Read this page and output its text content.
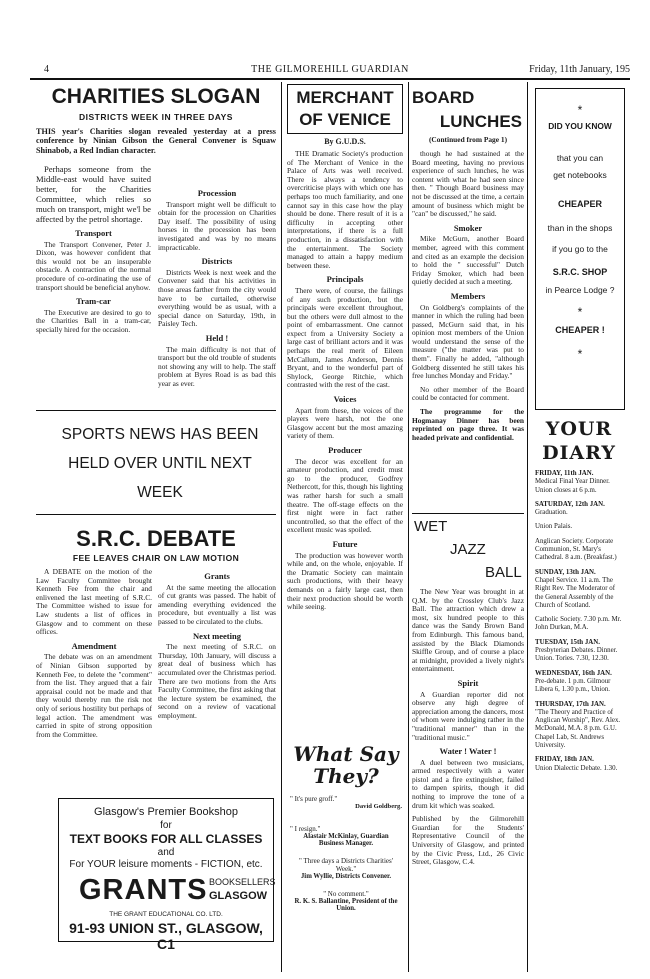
4	THE GILMOREHILL GUARDIAN	Friday, 11th January, 195
CHARITIES SLOGAN
DISTRICTS WEEK IN THREE DAYS
THIS year's Charities slogan revealed yesterday at a press conference by Ninian Gibson the General Convener is Squaw Shinabob, a Red Indian character.

Perhaps someone from the Middle-east would have suited better, for the Charities Committee, which relies so much on transport, might we'l be affected by the petrol shortage.

Transport

The Transport Convener, Peter J. Dixon, was however confident that this would not be an insuperable obstacle. A contraction of the normal procedure of co-ordinating the use of transport should be beneficial anyhow.

Tram-car

The Executive are desired to go to the Charities Ball in a tram-car, specially hired for the occasion.

Procession

Transport might well be difficult to obtain for the procession on Charities Day itself. The possibility of using horses in the procession has been investigated and was by no means impracticable.

Districts

Districts Week is next week and the Convener said that his activities in those areas farther from the city would have to be curtailed, otherwise everything would be as usual, with a special dance on Saturday, 19th, in Paisley Tech.

Held !

The main difficulty is not that of transport but the old trouble of students not showing any will to help. The staff problem at Byres Road is as bad this year as ever.

SPORTS NEWS HAS BEEN HELD OVER UNTIL NEXT WEEK
S.R.C. DEBATE
FEE LEAVES CHAIR ON LAW MOTION

A DEBATE on the motion of the Law Faculty Committee brought Kenneth Fee from the chair and enlivened the last meeting of S.R.C. The Committee wished to issue for Law students a list of offices in Glasgow and to comment on these offices.

Amendment

The debate was on an amendment of Ninian Gibson supported by Kenneth Fee, to delete the "comment" from the list. They argued that a fair appraisal could not be made and that they would thereby run the risk not only of serious hostility but perhaps of legal action. The amendment was carried in spite of strong opposition from the Committee.

Grants

At the same meeting the allocation of cut grants was passed. The habit of amending everything evidenced the procedure, but eventually a list was passed to be circulated to the clubs.

Next meeting

The next meeting of S.R.C. on Thursday, 10th January, will discuss a great deal of business which has accumulated over the Christmas period. There are two motions from the Arts Faculty Committee, the first asking that the lecture system be examined, the second on a review of vacational employment.

Glasgow's Premier Bookshop
for
TEXT BOOKS FOR ALL CLASSES
and
For YOUR leisure moments - FICTION, etc.
GRANTS BOOKSELLERS
GLASGOW
THE GRANT EDUCATIONAL CO. LTD.
91-93 UNION ST., GLASGOW, C1
MERCHANT
OF VENICE
By G.U.D.S.

THE Dramatic Society's production of The Merchant of Venice in the Palace of Arts was well received. There is always a tendency to overcriticise plays with which one has perhaps too much familiarity, and one cannot say in this case how the play should be done. There result of it is a difficulty in accepting other interpretations, if there is a full production, in a dissatisfaction with the entertainment. The Society managed to attain a happy medium between these.

Principals

There were, of course, the failings of any such production, but the principals were excellent throughout, but the others were dull almost to the point of embarrassment. One cannot expect from a University Society a large cast of brilliant actors and it was perhaps the real merit of Eileen McCallum, James Anderson, Dennis Bryant, and to the wonderful part of Shylock, George Ritchie, which contrasted with the rest of the cast.

Voices

Apart from these, the voices of the players were harsh, not the one Glasgow accent but the most amazing variety of them.

Producer

The decor was excellent for an amateur production, and credit must go to the producer, Godfrey Nethercott, for this, though his lighting was rather harsh for such a small theatre. The off-stage effects on the first night were in fact rather uncontrolled, so that the effect of the excellent music was spoiled.

Future

The production was however worth while and, on the whole, enjoyable. If the Dramatic Society can maintain such productions, with their heavy demands on a fairly large cast, then their next production should be worth while seeing.

What Say They?
" It's pure groff."
David Goldberg.
" I resign."
Alastair McKinlay, Guardian Business Manager.
" Three days a Districts Charities' Week."
Jim Wyllie, Districts Convener.
" No comment."
R. K. S. Ballantine, President of the Union.
BOARD
LUNCHES
(Continued from Page 1)

though he had sustained at the Board meeting, having no previous experience of such lunches, he was content with what he had seen since then. " Though Board business may not be discussed at the time, a certain amount of business which might be "can" be discussed," he said.

Smoker

Mike McGurn, another Board member, agreed with this comment and cited as an example the decision to hold the " successful" Dutch Friday Smoker, which had been quietly decided at such a meeting.

Members

On Goldberg's complaints of the manner in which the ruling had been passed, McGurn said that, in his opinion most members of the Union would understand the sense of the measure ("the matter was put to them". Finally he added, "although Goldberg dissented he still takes his free lunches Monday and Friday."

No other member of the Board could be contacted for comment.

The programme for the Hogmanay Dinner has been reprinted on page three. It was headed private and confidential.

WET
JAZZ
BALL

The New Year was brought in at Q.M. by the Crossley Club's Jazz Ball. The attraction which drew a most, six hundred people to this dance was the Sandy Brown Band from Edinburgh. This famous band, assisted by the Black Diamonds Skiffle Group, and of course a place at midnight, provided a lively night's entertainment.

Spirit

A Guardian reporter did not observe any high degree of appreciation among the dancers, most of whom were indulging rather in the "traditional manner" than in the "traditional music."

Water ! Water !

A duel between two musicians, armed respectively with a water pistol and a fire extinguisher, failed to dampen spirits, though it did nothing to improve the tone of a drum kit which was soaked.

Published by the Gilmorehill Guardian for the Students' Representative Council of the University of Glasgow, and printed by the Civic Press, Ltd., 26 Civic Street, Glasgow, C.4.

*
DID YOU KNOW
that you can
get notebooks
CHEAPER
than in the shops
if you go to the
S.R.C. SHOP
in Pearce Lodge ?
*
CHEAPER !
*
YOUR
DIARY
FRIDAY, 11th JAN.
Medical Final Year Dinner. Union closes at 6 p.m.
SATURDAY, 12th JAN.
Graduation.
Union Palais.
Anglican Society. Corporate Communion, St. Mary's Cathedral. 8 a.m. (Breakfast.)
SUNDAY, 13th JAN.
Chapel Service. 11 a.m. The Right Rev. The Moderator of the General Assembly of the Church of Scotland.
Catholic Society. 7.30 p.m. Mr. John Durkan, M.A.
TUESDAY, 15th JAN.
Presbyterian Debates. Dinner. Union. Tories. 7.30, 12.30.
WEDNESDAY, 16th JAN.
Pre-debate. 1 p.m. Gilmour Libera 6, 1.30 p.m., Union.
THURSDAY, 17th JAN.
"The Theory and Practice of Anglican Worship", Rev. Alex. McDonald, M.A. 8 p.m. G.U. Chapel Lab, St. Andrews University.
FRIDAY, 18th JAN.
Union Dialectic Debate. 1.30.
